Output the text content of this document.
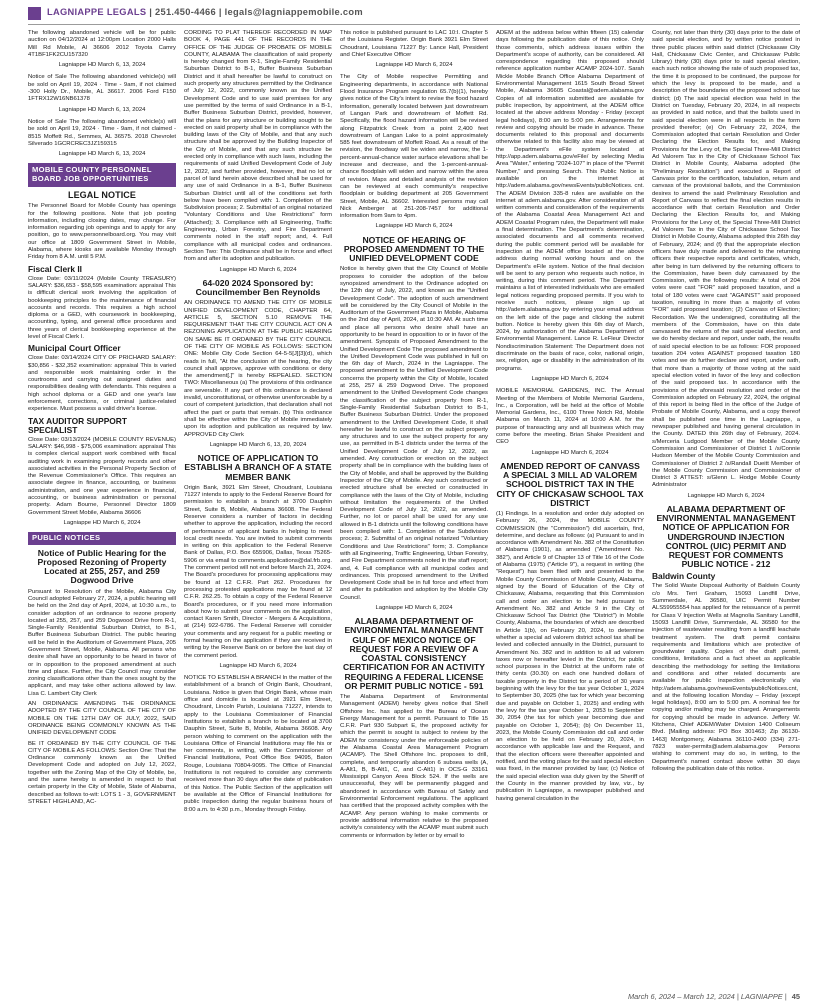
LAGNIAPPE LEGALS | 251.450-4466 | legals@lagniappemobile.com

The following abandoned vehicle will be for public auction on 04/12/2024 at 12:00pm Location 2000 Halls Mill Rd Mobile, Al 36606 2012 Toyota Camry 4T1BF1FK2CU157320

Lagniappe HD March 6, 13, 2024

Notice of Sale The following abandoned vehicle(s) will be sold on April 19, 2024 · Time - 9am, if not claimed -300 Holly Dr., Mobile, AL 36617. 2006 Ford F150 1FTRX12W16NB61378

Lagniappe HD March 6, 13, 2024

Notice of Sale The following abandoned vehicle(s) will be sold on April 19, 2024 · Time - 9am, if not claimed - 8515 Moffett Rd., Semmes, AL 36575. 2018 Chevrolet Silverado 1GCRCREC3JZ159315

Lagniappe HD March 6, 13, 2024

MOBILE COUNTY PERSONNEL BOARD JOB OPPORTUNITIES
LEGAL NOTICE

The Personnel Board for Mobile County has openings for the following positions. Note that job posting information, including closing dates, may change. For information regarding job openings and to apply for any position, go to www.personnelboard.org. You may visit our office at 1809 Government Street in Mobile, Alabama, where kiosks are available Monday through Friday from 8 A.M. until 5 P.M.

Fiscal Clerk II

Close Date: 03/11/2024 (Mobile County TREASURY) SALARY: $36,653 - $58,595 examination: appraisal This is difficult clerical work involving the application of bookkeeping principles to the maintenance of financial accounts and records. This requires a high school diploma or a GED, with coursework in bookkeeping, accounting, typing, and general office procedures and three years of clerical bookkeeping experience at the level of Fiscal Clerk I.

Municipal Court Officer

Close Date: 03/14/2024 CITY OF PRICHARD SALARY: $30,856 - $32,352 examination: appraisal This is varied and responsible work maintaining order in the courtrooms and carrying out assigned duties and responsibilities dealing with defendants. This requires a high school diploma or a GED and one year's law enforcement, corrections, or criminal justice-related experience. Must possess a valid driver's license.

TAX AUDITOR SUPPORT SPECIALIST

Close Date: 03/13/2024 (MOBILE COUNTY REVENUE) SALARY: $46,998 - $75,006 examination: appraisal This is complex clerical support work combined with fiscal auditing work in examining property records and other associated activities in the Personal Property Section of the Revenue Commissioner's Office. This requires an associate degree in finance, accounting, or business administration, and one year experience in financial, accounting, or business administration or personal property. Adam Bourne, Personnel Director 1809 Government Street Mobile, Alabama 36606

Lagniappe HD March 6, 2024

PUBLIC NOTICES
Notice of Public Hearing for the Proposed Rezoning of Property Located at 255, 257, and 259 Dogwood Drive

Pursuant to Resolution of the Mobile, Alabama City Council adopted February 27, 2024, a public hearing will be held on the 2nd day of April, 2024, at 10:30 a.m., to consider adoption of an ordinance to rezone property located at 255, 257, and 259 Dogwood Drive from R-1, Single-Family Residential Suburban District, to B-1, Buffer Business Suburban District. The public hearing will be held in the Auditorium of Government Plaza, 205 Government Street, Mobile, Alabama. All persons who desire shall have an opportunity to be heard in favor of or in opposition to the proposed amendment at such time and place. Further, the City Council may consider zoning classifications other than the ones sought by the applicant, and may take other actions allowed by law. Lisa C. Lambert City Clerk

AN ORDINANCE AMENDING THE ORDINANCE ADOPTED BY THE CITY COUNCIL OF THE CITY OF MOBILE ON THE 12TH DAY OF JULY, 2022, SAID ORDINANCE BEING COMMONLY KNOWN AS THE UNIFIED DEVELOPMENT CODE

BE IT ORDAINED BY THE CITY COUNCIL OF THE CITY OF MOBILE AS FOLLOWS: Section One: That the Ordinance commonly known as the Unified Development Code and adopted on July 12, 2022, together with the Zoning Map of the City of Mobile, be, and the same hereby is amended in respect to that certain property in the City of Mobile, State of Alabama, described as follows to-wit: LOTS 1 - 3, GOVERNMENT STREET HIGHLAND, AC-

CORDING TO PLAT THEREOF RECORDED IN MAP BOOK 4, PAGE 441 OF THE RECORDS IN THE OFFICE OF THE JUDGE OF PROBATE OF MOBILE COUNTY, ALABAMA The classification of said property is hereby changed from R-1, Single-Family Residential Suburban District to B-1, Buffer Business Suburban District and it shall hereafter be lawful to construct on such property any structures permitted by the Ordinance of July 12, 2022, commonly known as the Unified Development Code and to use said premises for any use permitted by the terms of said Ordinance in a B-1, Buffer Business Suburban District, provided, however, that the plans for any structure or building sought to be erected on said property shall be in compliance with the building laws of the City of Mobile, and that any such structure shall be approved by the Building Inspector of the City of Mobile, and that any such structure be erected only in compliance with such laws, including the requirements of said Unified Development Code of July 12, 2022, and further provided, however, that no lot or parcel of land herein above described shall be used for any use of said Ordinance in a B-1, Buffer Business Suburban District until all of the conditions set forth below have been complied with: 1. Completion of the Subdivision process; 2. Submittal of an original notarized "Voluntary Conditions and Use Restrictions" form (Attached); 3. Compliance with all Engineering, Traffic Engineering, Urban Forestry, and Fire Department comments noted in the staff report; and, 4. Full compliance with all municipal codes and ordinances. Section Two: This Ordinance shall be in force and effect from and after its adoption and publication.

Lagniappe HD March 6, 2024

64-020 2024 Sponsored by: Councilmember Ben Reynolds

AN ORDINANCE TO AMEND THE CITY OF MOBILE UNIFIED DEVELOPMENT CODE, CHAPTER 64, ARTICLE 5, SECTION 5.10 REMOVE THE REQUIREMENT THAT THE CITY COUNCIL ACT ON A REZONING APPLICATION AT THE PUBLIC HEARING ON SAME BE IT ORDAINED BY THE CITY COUNCIL OF THE CITY OF MOBILE AS FOLLOWS: SECTION ONE: Mobile City Code Section 64-5-5[J][3](d), which reads in full, "At the conclusion of the hearing, the city council shall approve, approve with conditions or deny the amendment[.]" is hereby REPEALED. SECTION TWO: Miscellaneous (a) The provisions of this ordinance are severable. If any part of this ordinance is declared invalid, unconstitutional, or otherwise unenforceable by a court of competent jurisdiction, that declaration shall not affect the part or parts that remain. (b) This ordinance shall be effective within the City of Mobile immediately upon its adoption and publication as required by law. APPROVED City Clerk

Lagniappe HD March 6, 13, 20, 2024

NOTICE OF APPLICATION TO ESTABLISH A BRANCH OF A STATE MEMBER BANK

Origin Bank, 3921 Elm Street, Choudrant, Louisiana 71227 intends to apply to the Federal Reserve Board for permission to establish a branch at 3700 Dauphin Street, Suite B, Mobile, Alabama 36608. The Federal Reserve considers a number of factors in deciding whether to approve the application, including the record of performance of applicant banks in helping to meet local credit needs. You are invited to submit comments in writing on this application to the Federal Reserve Bank of Dallas, P.O. Box 655906, Dallas, Texas 75265-5906 or via email to comments.applications@dal.frb.org. The comment period will not end before March 21, 2024. The Board's procedures for processing applications may be found at 12 C.F.R. Part 262. Procedures for processing protested applications may be found at 12 C.F.R. 262.25. To obtain a copy of the Federal Reserve Board's procedures, or if you need more information about how to submit your comments on the application, contact Karen Smith, Director - Mergers & Acquisitions, at (214) 922-6786. The Federal Reserve will consider your comments and any request for a public meeting or formal hearing on the application if they are received in writing by the Reserve Bank on or before the last day of the comment period.

Lagniappe HD March 6, 2024

NOTICE TO ESTABLISH A BRANCH In the matter of the establishment of a branch of Origin Bank, Choudrant, Louisiana. Notice is given that Origin Bank, whose main office and domicile is located at 3921 Elm Street, Choudrant, Lincoln Parish, Louisiana 71227, intends to apply to the Louisiana Commissioner of Financial Institutions to establish a branch to be located at 3700 Dauphin Street, Suite B, Mobile, Alabama 36608. Any person wishing to comment on the application with the Louisiana Office of Financial Institutions may file his or her comments, in writing, with the Commissioner of Financial Institutions, Post Office Box 94095, Baton Rouge, Louisiana 70804-9095. The Office of Financial Institutions is not required to consider any comments received more than 30 days after the date of publication of this Notice. The Public Section of the application will be available at the Office of Financial Institutions for public inspection during the regular business hours of 8:00 a.m. to 4:30 p.m., Monday through Friday.

This notice is published pursuant to LAC 10:I. Chapter 5 of the Louisiana Register. Origin Bank 3921 Elm Street Choudrant, Louisiana 71227 By: Lance Hall, President and Chief Executive Officer

Lagniappe HD March 6, 2024

The City of Mobile respective Permitting and Engineering departments, in accordance with National Flood Insurance Program regulation 65.7(b)(1), hereby gives notice of the City's intent to revise the flood hazard information, generally located between just downstream of Langan Park and downstream of Moffett Rd. Specifically, the flood hazard information will be revised along Fitzpatrick Creek from a point 2,400 feet downstream of Langan Lake to a point approximately 585 feet downstream of Moffett Road. As a result of the revision, the floodway will be widen and narrow, the 1-percent-annual-chance water surface elevations shall be increase and decrease, and the 1-percent-annual-chance floodplain will widen and narrow within the area of revision. Maps and detailed analysis of the revision can be reviewed at each community's respective floodplain or building department at 205 Government Street, Mobile, AL 36602. Interested persons may call Nick Amberger at 251-208-7457 for additional information from 9am to 4pm.

Lagniappe HD March 6, 2024

NOTICE OF HEARING OF PROPOSED AMENDMENT TO THE UNIFIED DEVELOPMENT CODE

Notice is hereby given that the City Council of Mobile proposes to consider the adoption of the below synopsized amendment to the Ordinance adopted on the 12th day of July, 2022, and known as the "Unified Development Code". The adoption of such amendment will be considered by the City Council of Mobile in the Auditorium of the Government Plaza in Mobile, Alabama on the 2nd day of April, 2024, at 10:30 AM. At such time and place all persons who desire shall have an opportunity to be heard in opposition to or in favor of the amendment. Synopsis of Proposed Amendment to the Unified Development Code The proposed amendment to the Unified Development Code was published in full on the 6th day of March, 2024 in the Lagniappe. The proposed amendment to the Unified Development Code concerns the property within the City of Mobile, located at 255, 257 & 259 Dogwood Drive. The proposed amendment to the Unified Development Code changes the classification of the subject property from R-1, Single-Family Residential Suburban District to B-1, Buffer Business Suburban District. Under the proposed amendment to the Unified Development Code, it shall hereafter be lawful to construct on the subject property any structures and to use the subject property for any use, as permitted in B-1 districts under the terms of the Unified Development Code of July 12, 2022, as amended. Any construction or erection on the subject property shall be in compliance with the building laws of the City of Mobile, and shall be approved by the Building Inspector of the City of Mobile. Any such constructed or erected structure shall be erected or constructed in compliance with the laws of the City of Mobile, including without limitation the requirements of the Unified Development Code of July 12, 2022, as amended. Further, no lot or parcel shall be used for any use allowed in B-1 districts until the following conditions have been complied with: 1. Completion of the Subdivision process; 2. Submittal of an original notarized "Voluntary Conditions and Use Restrictions" form; 3. Compliance with all Engineering, Traffic Engineering, Urban Forestry, and Fire Department comments noted in the staff report; and, 4. Full compliance with all municipal codes and ordinances. This proposed amendment to the Unified Development Code shall be in full force and effect from and after its publication and adoption by the Mobile City Council.

Lagniappe HD March 6, 2024

ALABAMA DEPARTMENT OF ENVIRONMENTAL MANAGEMENT GULF OF MEXICO NOTICE OF REQUEST FOR A REVIEW OF A COASTAL CONSISTENCY CERTIFICATION FOR AN ACTIVITY REQUIRING A FEDERAL LICENSE OR PERMIT PUBLIC NOTICE - 591

The Alabama Department of Environmental Management (ADEM) hereby gives notice that Shell Offshore Inc. has applied to the Bureau of Ocean Energy Management for a permit. Pursuant to Title 15 C.F.R. Part 930 Subpart E, the proposed activity for which the permit is sought is subject to review by the ADEM for consistency under the enforceable policies of the Alabama Coastal Area Management Program (ACAMP). The Shell Offshore Inc. proposes to drill, complete, and temporarily abandon 6 subsea wells (A, A-Alt1, B, B-Alt1, C, and C-Alt1) in OCS-G 33161 Mississippi Canyon Area Block 524. If the wells are unsuccessful, they will be permanently plugged and abandoned in accordance with Bureau of Safety and Environmental Enforcement regulations. The applicant has certified that the proposed activity complies with the ACAMP. Any person wishing to make comments or provide additional information relative to the proposed activity's consistency with the ACAMP must submit such comments or information by letter or by email to

ADEM at the address below within fifteen (15) calendar days following the publication date of this notice. Only those comments, which address issues within the Department's scope of authority, can be considered. All correspondence regarding this proposed should reference application number ACAMP 2024-107. Sarah Mickle Mobile Branch Office Alabama Department of Environmental Management 1615 South Broad Street Mobile, Alabama 36605 Coastal@adem.alabama.gov Copies of all information submitted are available for public inspection, by appointment, at the ADEM office located at the above address Monday - Friday (except legal holidays), 8:00 am to 5:00 pm. Arrangements for review and copying should be made in advance. These documents related to this proposal and documents otherwise related to this facility also may be viewed at the Department's eFile system located at http://app.adem.alabama.gov/eFile/ by selecting Media Area "Water," entering "2024-107" in place of the "Permit Number," and pressing Search. This Public Notice is available on the internet at http://adem.alabama.gov/newsEvents/publicNotices. cnt. The ADEM Division 335-8 rules are available on the internet at adem.alabama.gov. After consideration of all written comments and consideration of the requirements of the Alabama Coastal Area Management Act and ADEM Coastal Program rules, the Department will make a final determination. The Department's determination, associated documents and all comments received during the public comment period will be available for inspection at the ADEM office located at the above address during normal working hours and on the Department's eFile system. Notice of the final decision will be sent to any person who requests such notice, in writing, during this comment period. The Department maintains a list of interested individuals who are emailed legal notices regarding proposed permits. If you wish to receive such notices, please sign up at http://adem.alabama.gov by entering your email address on the left side of the page and clicking the submit button. Notice is hereby given this 6th day of March, 2024, by authorization of the Alabama Department of Environmental Management. Lance R. LeFleur Director Nondiscrimination Statement: The Department does not discriminate on the basis of race, color, national origin, sex, religion, age or disability in the administration of its programs.

Lagniappe HD March 6, 2024

MOBILE MEMORIAL GARDENS, INC. The Annual Meeting of the Members of Mobile Memorial Gardens, Inc., a Corporation, will be held at the office of Mobile Memorial Gardens, Inc., 6100 Three Notch Rd, Mobile Alabama on March 11, 2024 at 10:00 A.M. for the purpose of transacting any and all business which may come before the meeting. Brian Shake President and CEO

Lagniappe HD March 6, 2024

AMENDED REPORT OF CANVASS A SPECIAL 3 MILL AD VALOREM SCHOOL DISTRICT TAX IN THE CITY OF CHICKASAW SCHOOL TAX DISTRICT

(1) Findings. In a resolution and order duly adopted on February 26, 2024, the MOBILE COUNTY COMMISSION (the "Commission") did ascertain, find, determine, and declare as follows: (a) Pursuant to and in accordance with Amendment No. 382 of the Constitution of Alabama (1901), as amended ("Amendment No. 382"), and Article 9 of Chapter 13 of Title 16 of the Code of Alabama (1975) ("Article 9"), a request in writing (the "Request") has been filed with and presented to the Mobile County Commission of Mobile County, Alabama, signed by the Board of Education of the City of Chickasaw, Alabama, requesting that this Commission call and order an election to be held pursuant to Amendment No. 382 and Article 9 in the City of Chickasaw School Tax District (the "District") in Mobile County, Alabama, the boundaries of which are described in Article 1(b), on February 20, 2024, to determine whether a special ad valorem district school tax shall be levied and collected annually in the District, pursuant to Amendment No. 382 and in addition to all ad valorem taxes now or hereafter levied in the District, for public school purposes in the District at the uniform rate of thirty cents (30.30) on each one hundred dollars of taxable property in the District for a period of 30 years beginning with the levy for the tax year October 1, 2024 to September 30, 2025 (the tax for which year becoming due and payable on October 1, 2025) and ending with the levy for the tax year October 1, 2053 to September 30, 2054 (the tax for which year becoming due and payable on October 1, 2054); (b) On December 11, 2023, the Mobile County Commission did call and order an election to be held on February 20, 2024, in accordance with applicable law and the Request, and that the election officers were thereafter appointed and notified, and the voting place for the said special election was fixed, in the manner provided by law; (c) Notice of the said special election was duly given by the Sheriff of the County in the manner provided by law, viz., by publication in Lagniappe, a newspaper published and having general circulation in the

County, not later than thirty (30) days prior to the date of said special election, and by written notice posted in three public places within said district (Chickasaw City Hall, Chickasaw Civic Center, and Chickasaw Public Library) thirty (30) days prior to said special election, each such notice showing the rate of such proposed tax, the time it is proposed to be continued, the purpose for which the levy is proposed to be made, and a description of the boundaries of the proposed school tax district; (d) The said special election was held in the District on Tuesday, February 20, 2024, in all respects as provided in said notice, and that the ballots used in said special election were in all respects in the form provided therefor; (e) On February 22, 2024, the Commission adopted that certain Resolution and Order Declaring the Election Results for, and Making Provisions for the Levy of, the Special Three-Mill District Ad Valorem Tax in the City of Chickasaw School Tax District in Mobile County, Alabama adopted (the "Preliminary Resolution") and executed a Report of Canvass prior to the certification, tabulation, return and canvass of the provisional ballots, and the Commission desires to amend the said Preliminary Resolution and Report of Canvass to reflect the final election results in accordance with that certain Resolution and Order Declaring the Election Results for, and Making Provisions for the Levy of, the Special Three-Mill District Ad Valorem Tax in the City of Chickasaw School Tax District in Mobile County, Alabama adopted this 26th day of February, 2024; and (f) that the appropriate election officers have duly made and delivered to the returning officers their respective reports and certificates, which, after being in turn delivered by the returning officers to the Commission, have been duly canvassed by the Commission, with the following results: A total of 204 votes were cast "FOR" said proposed taxation, and a total of 180 votes were cast "AGAINST" said proposed taxation, resulting in more than a majority of votes "FOR" said proposed taxation; (2) Canvass of Election; Recordation. We the undersigned, constituting all the members of the Commission, have on this date canvassed the returns of the said special election, and we do hereby declare and report, under oath, the results of said special election to be as follows: FOR proposed taxation 204 votes AGAINST proposed taxation 180 votes and we do further declare and report, under oath, that more than a majority of those voting at the said special election voted in favor of the levy and collection of the said proposed tax. In accordance with the provisions of the aforesaid resolution and order of the Commission adopted on February 22, 2024, the original of this report is being filed in the office of the Judge of Probate of Mobile County, Alabama, and a copy thereof shall be published one time in the Lagniappe, a newspaper published and having general circulation in the County. DATED this 26th day of February, 2024. s/Merceria Ludgood Member of the Mobile County Commission and Commissioner of District 1 /s/Connie Hudson Member of the Mobile County Commission and Commissioner of District 2 /s/Randall Dueitt Member of the Mobile County Commission and Commissioner of District 3 ATTEST: s/Glenn L. Hodge Mobile County Administrator

Lagniappe HD March 6, 2024

ALABAMA DEPARTMENT OF ENVIRONMENTAL MANAGEMENT NOTICE OF APPLICATION FOR UNDERGROUND INJECTION CONTROL (UIC) PERMIT AND REQUEST FOR COMMENTS PUBLIC NOTICE - 212
Baldwin County

The Solid Waste Disposal Authority of Baldwin County c/o Mrs. Terri Graham, 15093 Landfill Drive, Summerdale, AL 36580, UIC Permit Number ALS59955554 has applied for the reissuance of a permit for Class V Injection Wells at Magnolia Sanitary Landfill, 15093 Landfill Drive, Summerdale, AL 36580 for the injection of wastewater resulting from a landfill leachate treatment system. The draft permit contains requirements and limitations which are protective of groundwater quality. Copies of the draft permit, conditions, limitations and a fact sheet as applicable describing the methodology for setting the limitations and conditions and other related documents are available for public inspection electronically via http://adem.alabama.gov/newsEvents/publicNotices.cnt, and at the following location Monday – Friday (except legal holidays), 8:00 am to 5:00 pm. A nominal fee for copying and/or mailing may be charged. Arrangements for copying should be made in advance. Jeffery W. Kitchens, Chief ADEM/Water Division 1400 Coliseum Blvd. [Mailing address: PO Box 301463; Zip 36130-1463] Montgomery, Alabama 36110-2400 (334) 271-7823 water-permits@adem.alabama.gov Persons wishing to comment may do so, in writing, to the Department's named contact above within 30 days following the publication date of this notice.

March 6, 2024 – March 12, 2024 | LAGNIAPPE | 45
